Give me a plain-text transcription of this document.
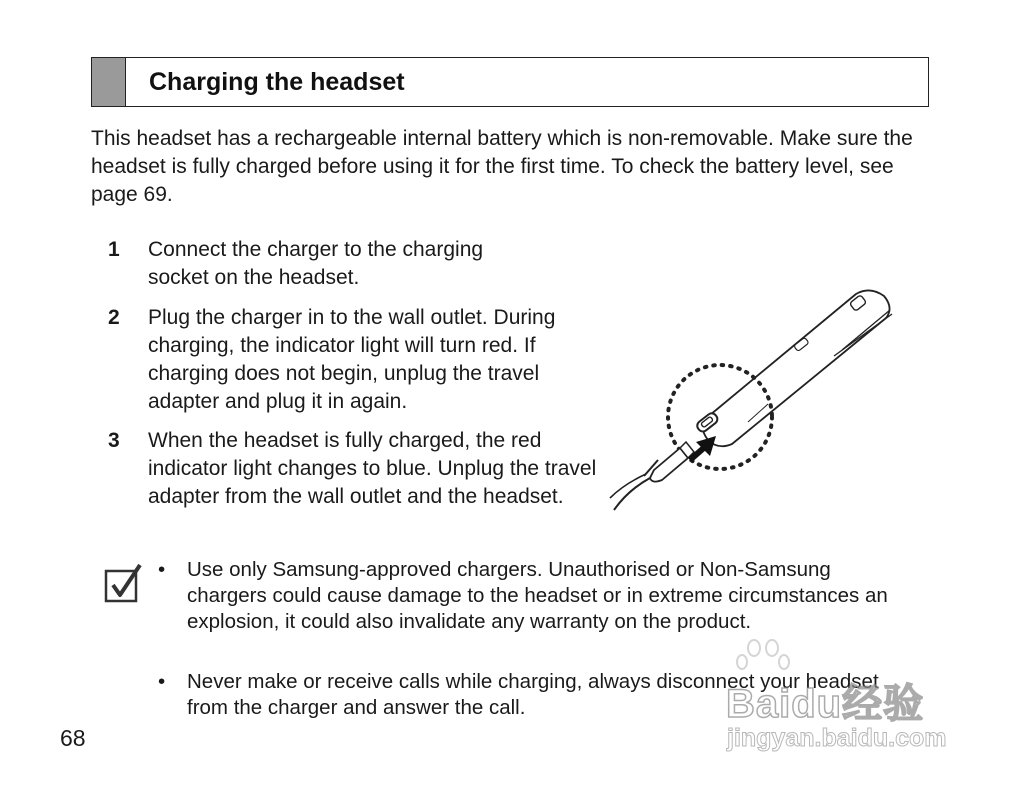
Charging the headset

This headset has a rechargeable internal battery which is non-removable. Make sure the headset is fully charged before using it for the first time. To check the battery level, see page 69.

1	Connect the charger to the charging socket on the headset.
2	Plug the charger in to the wall outlet. During charging, the indicator light will turn red. If charging does not begin, unplug the travel adapter and plug it in again.
3	When the headset is fully charged, the red indicator light changes to blue. Unplug the travel adapter from the wall outlet and the headset.
• Use only Samsung-approved chargers. Unauthorised or Non-Samsung chargers could cause damage to the headset or in extreme circumstances an explosion, it could also invalidate any warranty on the product.
• Never make or receive calls while charging, always disconnect your headset from the charger and answer the call.
68
Baidu经验
jingyan.baidu.com
